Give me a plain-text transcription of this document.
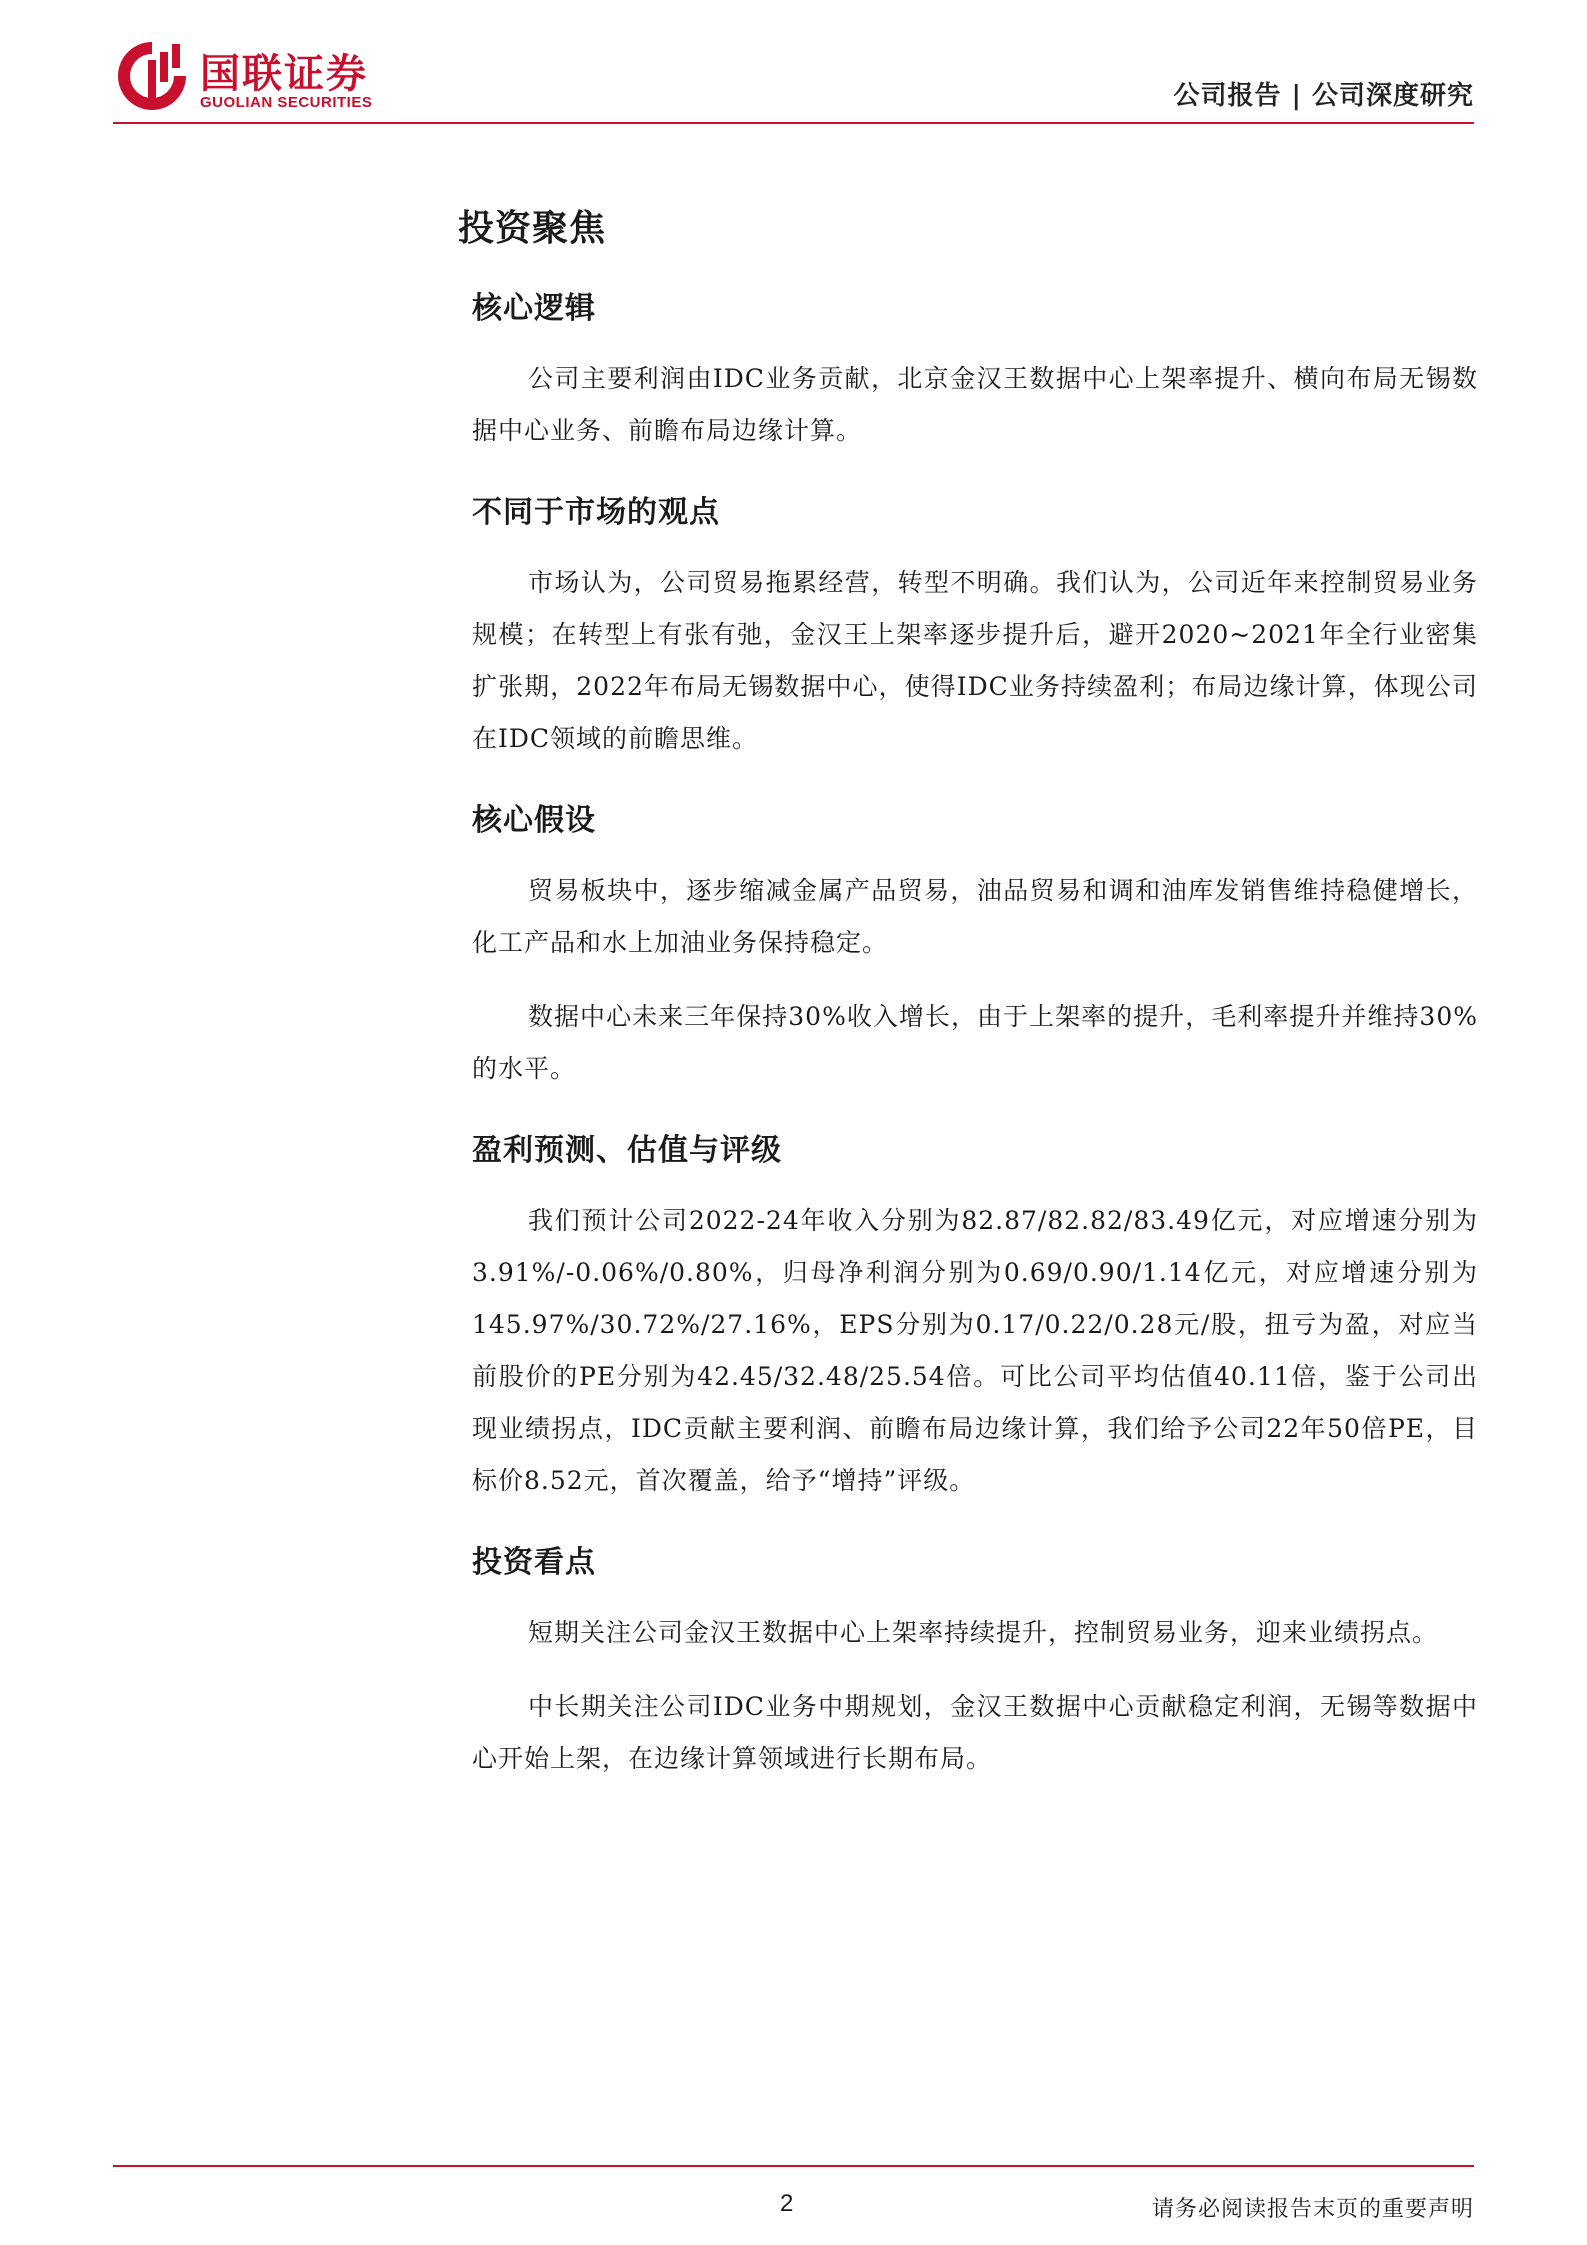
国联证券
GUOLIAN SECURITIES	公司报告 | 公司深度研究
投资聚焦
核心逻辑

公司主要利润由IDC业务贡献，北京金汉王数据中心上架率提升、横向布局无锡数据中心业务、前瞻布局边缘计算。

不同于市场的观点

市场认为，公司贸易拖累经营，转型不明确。我们认为，公司近年来控制贸易业务规模；在转型上有张有弛，金汉王上架率逐步提升后，避开2020~2021年全行业密集扩张期，2022年布局无锡数据中心，使得IDC业务持续盈利；布局边缘计算，体现公司在IDC领域的前瞻思维。

核心假设

贸易板块中，逐步缩减金属产品贸易，油品贸易和调和油库发销售维持稳健增长，化工产品和水上加油业务保持稳定。

数据中心未来三年保持30%收入增长，由于上架率的提升，毛利率提升并维持30%的水平。

盈利预测、估值与评级

我们预计公司2022-24年收入分别为82.87/82.82/83.49亿元，对应增速分别为3.91%/-0.06%/0.80%，归母净利润分别为0.69/0.90/1.14亿元，对应增速分别为145.97%/30.72%/27.16%，EPS分别为0.17/0.22/0.28元/股，扭亏为盈，对应当前股价的PE分别为42.45/32.48/25.54倍。可比公司平均估值40.11倍，鉴于公司出现业绩拐点，IDC贡献主要利润、前瞻布局边缘计算，我们给予公司22年50倍PE，目标价8.52元，首次覆盖，给予“增持”评级。

投资看点

短期关注公司金汉王数据中心上架率持续提升，控制贸易业务，迎来业绩拐点。

中长期关注公司IDC业务中期规划，金汉王数据中心贡献稳定利润，无锡等数据中心开始上架，在边缘计算领域进行长期布局。

2	请务必阅读报告末页的重要声明
